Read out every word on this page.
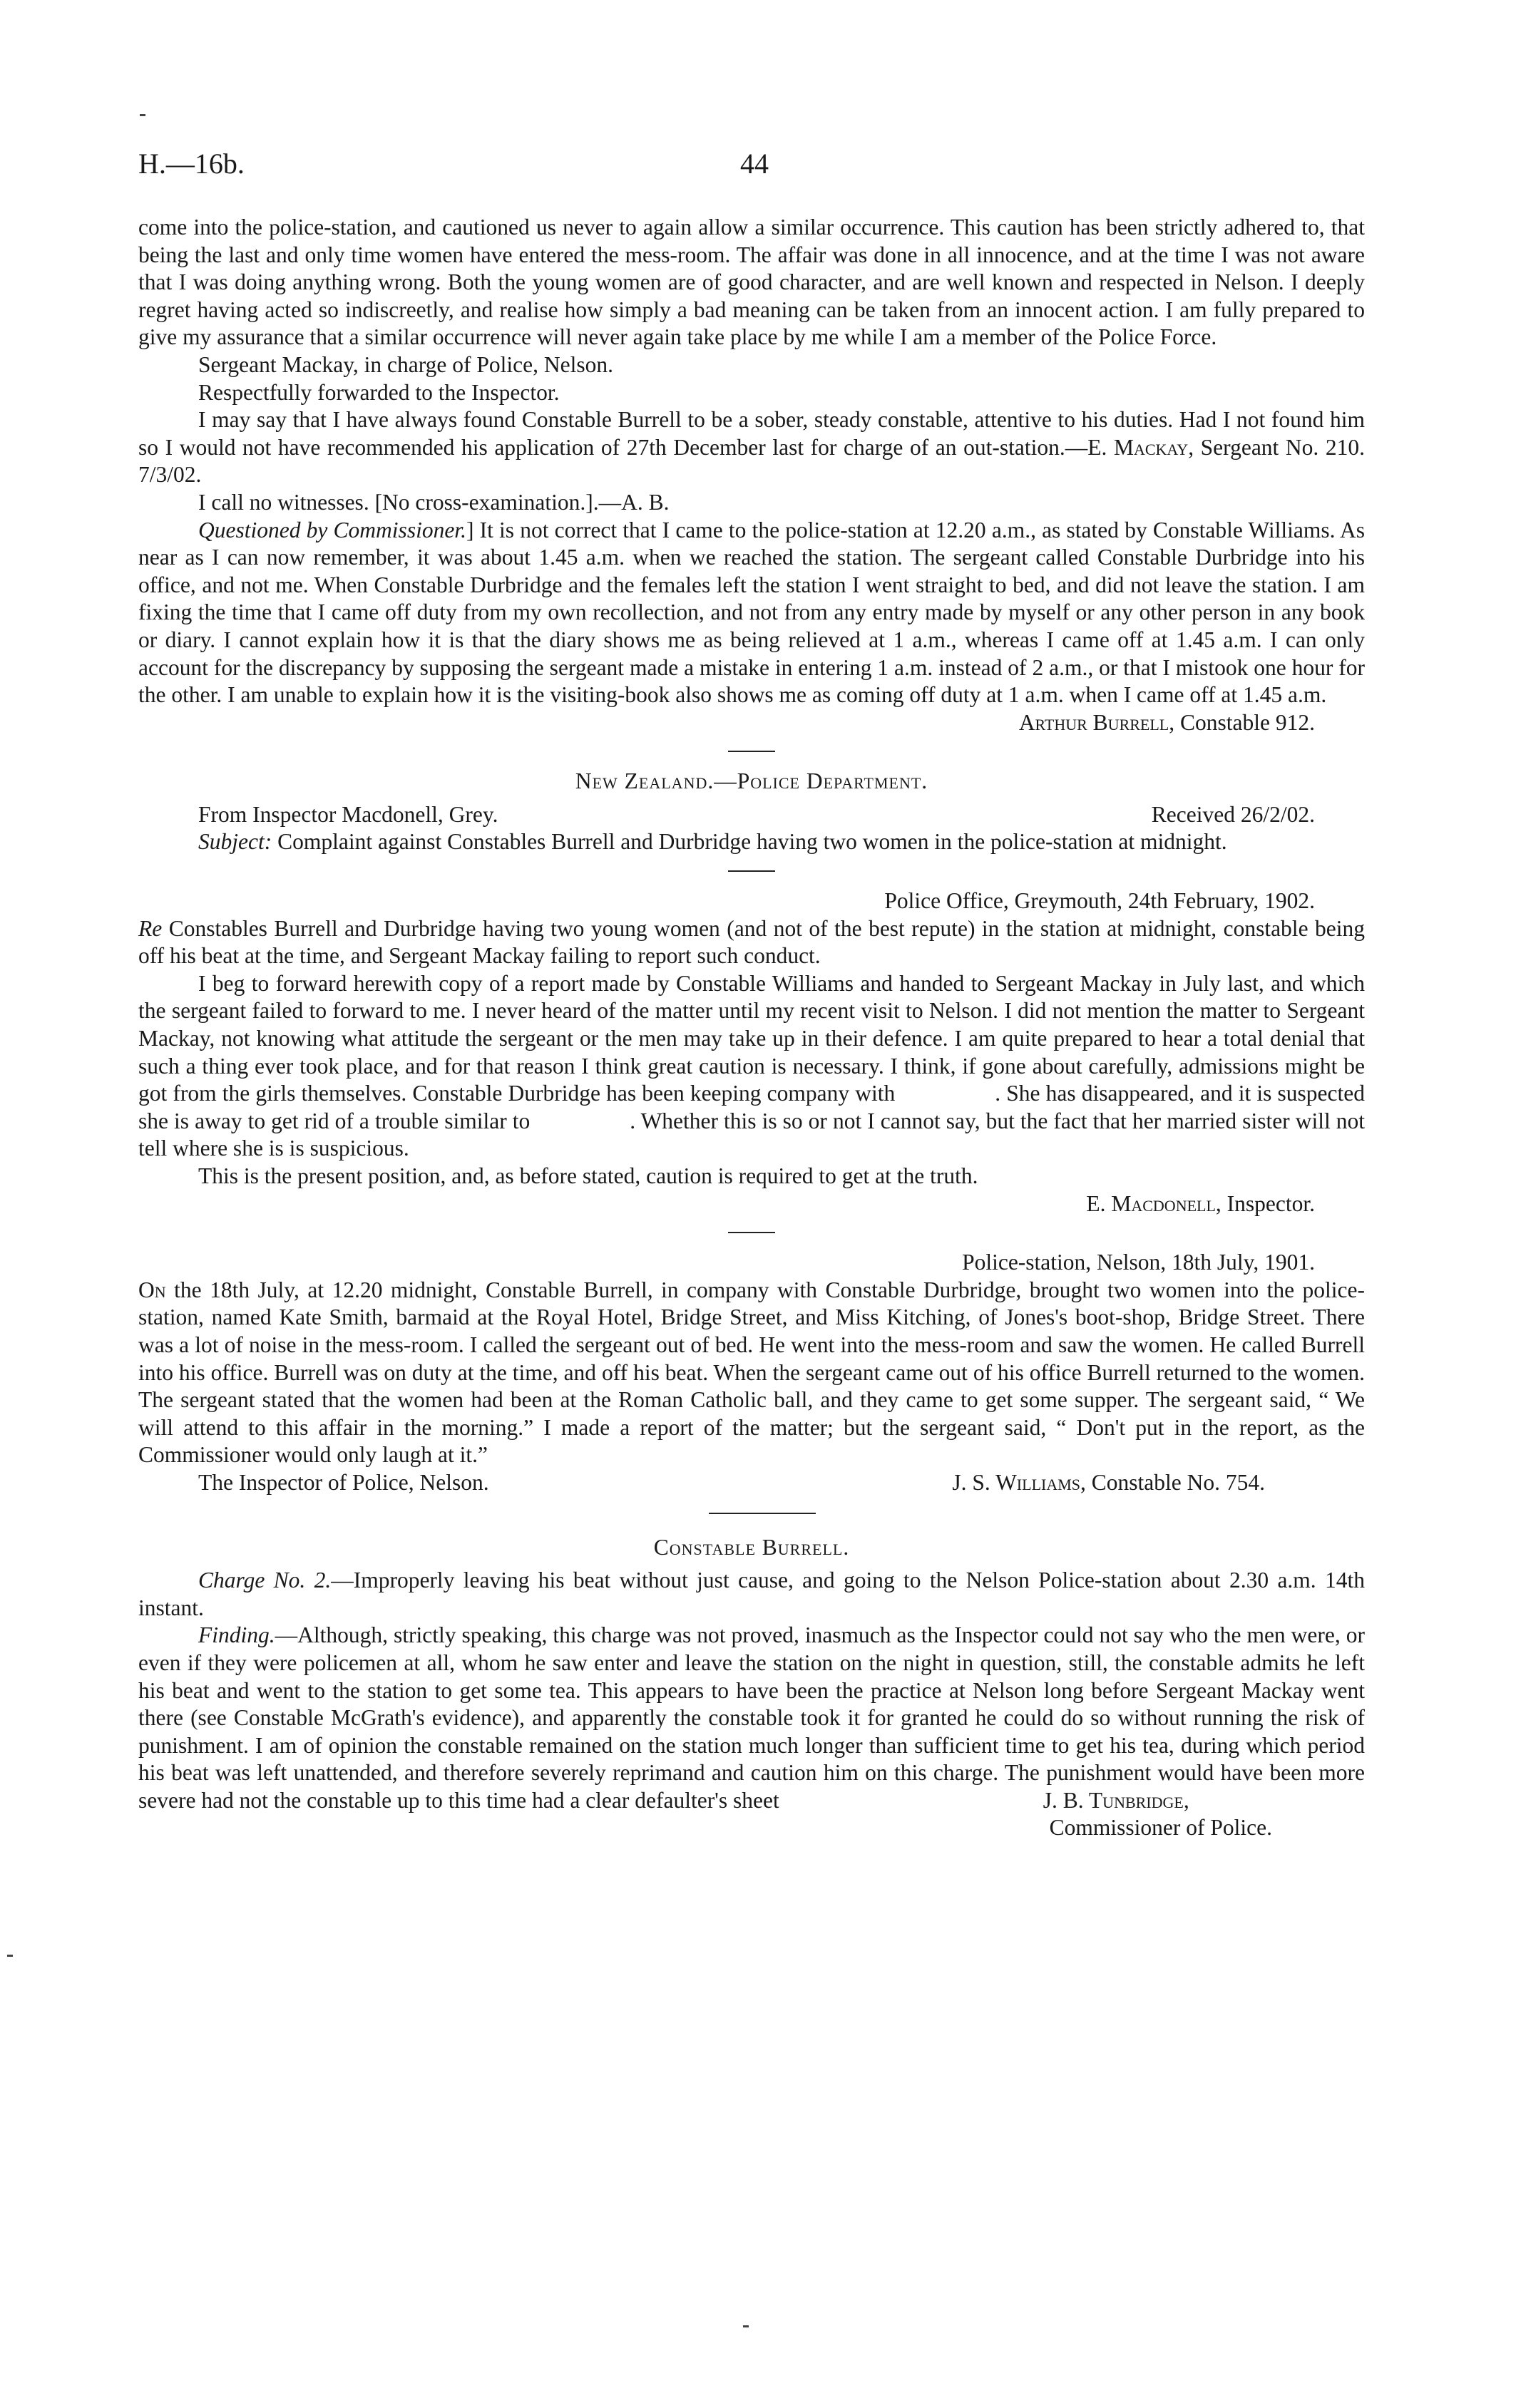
H.—16b.	44

come into the police-station, and cautioned us never to again allow a similar occurrence. This caution has been strictly adhered to, that being the last and only time women have entered the mess-room. The affair was done in all innocence, and at the time I was not aware that I was doing anything wrong. Both the young women are of good character, and are well known and respected in Nelson. I deeply regret having acted so indiscreetly, and realise how simply a bad meaning can be taken from an innocent action. I am fully prepared to give my assurance that a similar occurrence will never again take place by me while I am a member of the Police Force.

Sergeant Mackay, in charge of Police, Nelson.

Respectfully forwarded to the Inspector.

I may say that I have always found Constable Burrell to be a sober, steady constable, attentive to his duties. Had I not found him so I would not have recommended his application of 27th December last for charge of an out-station.—E. Mackay, Sergeant No. 210. 7/3/02.

I call no witnesses. [No cross-examination.].—A. B.

Questioned by Commissioner.] It is not correct that I came to the police-station at 12.20 a.m., as stated by Constable Williams. As near as I can now remember, it was about 1.45 a.m. when we reached the station. The sergeant called Constable Durbridge into his office, and not me. When Constable Durbridge and the females left the station I went straight to bed, and did not leave the station. I am fixing the time that I came off duty from my own recollection, and not from any entry made by myself or any other person in any book or diary. I cannot explain how it is that the diary shows me as being relieved at 1 a.m., whereas I came off at 1.45 a.m. I can only account for the discrepancy by supposing the sergeant made a mistake in entering 1 a.m. instead of 2 a.m., or that I mistook one hour for the other. I am unable to explain how it is the visiting-book also shows me as coming off duty at 1 a.m. when I came off at 1.45 a.m.

Arthur Burrell, Constable 912.

New Zealand.—Police Department.

From Inspector Macdonell, Grey.	Received 26/2/02.

Subject: Complaint against Constables Burrell and Durbridge having two women in the police-station at midnight.

Police Office, Greymouth, 24th February, 1902.

Re Constables Burrell and Durbridge having two young women (and not of the best repute) in the station at midnight, constable being off his beat at the time, and Sergeant Mackay failing to report such conduct.

I beg to forward herewith copy of a report made by Constable Williams and handed to Sergeant Mackay in July last, and which the sergeant failed to forward to me. I never heard of the matter until my recent visit to Nelson. I did not mention the matter to Sergeant Mackay, not knowing what attitude the sergeant or the men may take up in their defence. I am quite prepared to hear a total denial that such a thing ever took place, and for that reason I think great caution is necessary. I think, if gone about carefully, admissions might be got from the girls themselves. Constable Durbridge has been keeping company with	. She has disappeared, and it is suspected she is away to get rid of a trouble similar to	. Whether this is so or not I cannot say, but the fact that her married sister will not tell where she is is suspicious.

This is the present position, and, as before stated, caution is required to get at the truth.

E. Macdonell, Inspector.

Police-station, Nelson, 18th July, 1901.

On the 18th July, at 12.20 midnight, Constable Burrell, in company with Constable Durbridge, brought two women into the police-station, named Kate Smith, barmaid at the Royal Hotel, Bridge Street, and Miss Kitching, of Jones's boot-shop, Bridge Street. There was a lot of noise in the mess-room. I called the sergeant out of bed. He went into the mess-room and saw the women. He called Burrell into his office. Burrell was on duty at the time, and off his beat. When the sergeant came out of his office Burrell returned to the women. The sergeant stated that the women had been at the Roman Catholic ball, and they came to get some supper. The sergeant said, “ We will attend to this affair in the morning.” I made a report of the matter; but the sergeant said, “ Don't put in the report, as the Commissioner would only laugh at it.”

The Inspector of Police, Nelson.	J. S. Williams, Constable No. 754.

Constable Burrell.

Charge No. 2.—Improperly leaving his beat without just cause, and going to the Nelson Police-station about 2.30 a.m. 14th instant.

Finding.—Although, strictly speaking, this charge was not proved, inasmuch as the Inspector could not say who the men were, or even if they were policemen at all, whom he saw enter and leave the station on the night in question, still, the constable admits he left his beat and went to the station to get some tea. This appears to have been the practice at Nelson long before Sergeant Mackay went there (see Constable McGrath's evidence), and apparently the constable took it for granted he could do so without running the risk of punishment. I am of opinion the constable remained on the station much longer than sufficient time to get his tea, during which period his beat was left unattended, and therefore severely reprimand and caution him on this charge. The punishment would have been more severe had not the constable up to this time had a clear defaulter's sheet	J. B. Tunbridge,

Commissioner of Police.
